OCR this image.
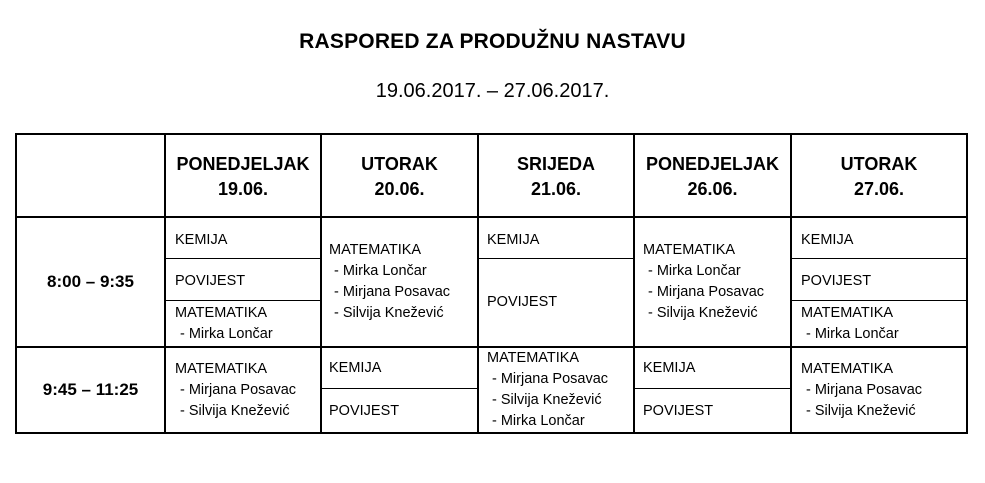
RASPORED ZA PRODUŽNU NASTAVU
19.06.2017. – 27.06.2017.
PONEDJELJAK
19.06.
UTORAK
20.06.
SRIJEDA
21.06.
PONEDJELJAK
26.06.
UTORAK
27.06.
8:00 – 9:35
9:45 – 11:25
KEMIJA
POVIJEST
MATEMATIKA
- Mirka Lončar
MATEMATIKA
- Mirka Lončar
- Mirjana Posavac
- Silvija Knežević
KEMIJA
POVIJEST
MATEMATIKA
- Mirka Lončar
- Mirjana Posavac
- Silvija Knežević
KEMIJA
POVIJEST
MATEMATIKA
- Mirka Lončar
MATEMATIKA
- Mirjana Posavac
- Silvija Knežević
KEMIJA
POVIJEST
MATEMATIKA
- Mirjana Posavac
- Silvija Knežević
- Mirka Lončar
KEMIJA
POVIJEST
MATEMATIKA
- Mirjana Posavac
- Silvija Knežević
